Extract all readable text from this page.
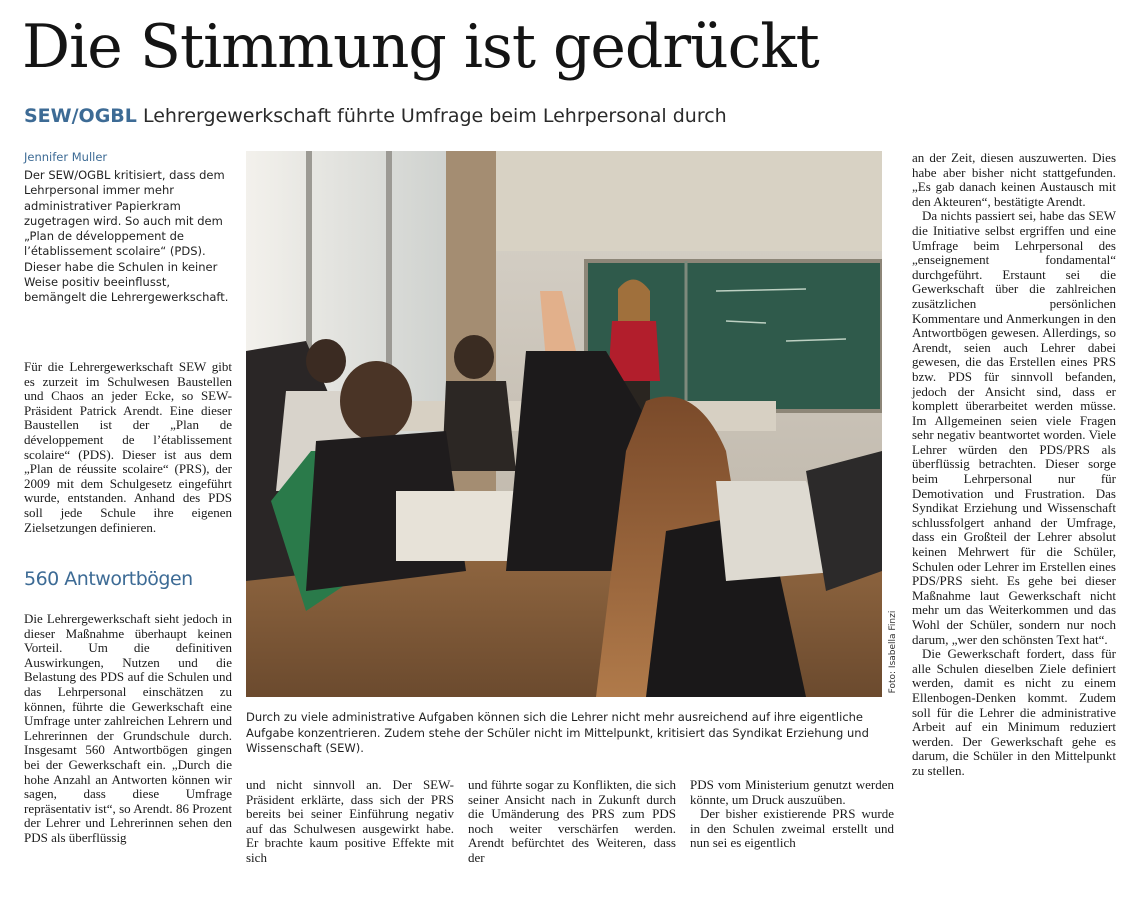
Die Stimmung ist gedrückt
SEW/OGBL Lehrergewerkschaft führte Umfrage beim Lehrpersonal durch
Jennifer Muller

Der SEW/OGBL kritisiert, dass dem Lehrpersonal immer mehr administrativer Papierkram zugetragen wird. So auch mit dem „Plan de développement de l’établissement scolaire“ (PDS). Dieser habe die Schulen in keiner Weise positiv beeinflusst, bemängelt die Lehrergewerkschaft.

Für die Lehrergewerkschaft SEW gibt es zurzeit im Schulwesen Baustellen und Chaos an jeder Ecke, so SEW-Präsident Patrick Arendt. Eine dieser Baustellen ist der „Plan de développement de l’établissement scolaire“ (PDS). Dieser ist aus dem „Plan de réussite scolaire“ (PRS), der 2009 mit dem Schulgesetz eingeführt wurde, entstanden. Anhand des PDS soll jede Schule ihre eigenen Zielsetzungen definieren.

560 Antwortbögen

Die Lehrergewerkschaft sieht jedoch in dieser Maßnahme überhaupt keinen Vorteil. Um die definitiven Auswirkungen, Nutzen und die Belastung des PDS auf die Schulen und das Lehrpersonal einschätzen zu können, führte die Gewerkschaft eine Umfrage unter zahlreichen Lehrern und Lehrerinnen der Grundschule durch. Insgesamt 560 Antwortbögen gingen bei der Gewerkschaft ein. „Durch die hohe Anzahl an Antworten können wir sagen, dass diese Umfrage repräsentativ ist“, so Arendt. 86 Prozent der Lehrer und Lehrerinnen sehen den PDS als überflüssig

Foto: Isabella Finzi
Durch zu viele administrative Aufgaben können sich die Lehrer nicht mehr ausreichend auf ihre eigentliche Aufgabe konzentrieren. Zudem stehe der Schüler nicht im Mittelpunkt, kritisiert das Syndikat Erziehung und Wissenschaft (SEW).

und nicht sinnvoll an. Der SEW-Präsident erklärte, dass sich der PRS bereits bei seiner Einführung negativ auf das Schulwesen ausgewirkt habe. Er brachte kaum positive Effekte mit sich

und führte sogar zu Konflikten, die sich seiner Ansicht nach in Zukunft durch die Umänderung des PRS zum PDS noch weiter verschärfen werden. Arendt befürchtet des Weiteren, dass der

PDS vom Ministerium genutzt werden könnte, um Druck auszuüben.

Der bisher existierende PRS wurde in den Schulen zweimal erstellt und nun sei es eigentlich

an der Zeit, diesen auszuwerten. Dies habe aber bisher nicht stattgefunden. „Es gab danach keinen Austausch mit den Akteuren“, bestätigte Arendt.

Da nichts passiert sei, habe das SEW die Initiative selbst ergriffen und eine Umfrage beim Lehrpersonal des „enseignement fondamental“ durchgeführt. Erstaunt sei die Gewerkschaft über die zahlreichen zusätzlichen persönlichen Kommentare und Anmerkungen in den Antwortbögen gewesen. Allerdings, so Arendt, seien auch Lehrer dabei gewesen, die das Erstellen eines PRS bzw. PDS für sinnvoll befanden, jedoch der Ansicht sind, dass er komplett überarbeitet werden müsse. Im Allgemeinen seien viele Fragen sehr negativ beantwortet worden. Viele Lehrer würden den PDS/PRS als überflüssig betrachten. Dieser sorge beim Lehrpersonal nur für Demotivation und Frustration. Das Syndikat Erziehung und Wissenschaft schlussfolgert anhand der Umfrage, dass ein Großteil der Lehrer absolut keinen Mehrwert für die Schüler, Schulen oder Lehrer im Erstellen eines PDS/PRS sieht. Es gehe bei dieser Maßnahme laut Gewerkschaft nicht mehr um das Weiterkommen und das Wohl der Schüler, sondern nur noch darum, „wer den schönsten Text hat“.

Die Gewerkschaft fordert, dass für alle Schulen dieselben Ziele definiert werden, damit es nicht zu einem Ellenbogen-Denken kommt. Zudem soll für die Lehrer die administrative Arbeit auf ein Minimum reduziert werden. Der Gewerkschaft gehe es darum, die Schüler in den Mittelpunkt zu stellen.
